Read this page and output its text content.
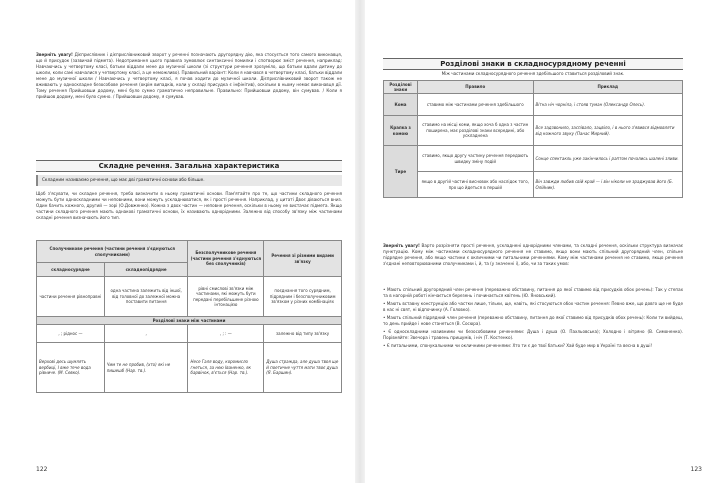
Зверніть увагу! Дієприслівник і дієприслівниковий зворот у реченні позначають другорядну дію, яка стосується того самого виконавця, що й присудок (зазвичай підмета). Недотримання цього правила зумовлює синтаксичні помилки і спотворює зміст речення, наприклад: Навчаючись у четвертому класі, батьки віддали мене до музичної школи (зі структури речення зрозуміло, що батьки вдали дитину до школи, коли самі навчалися у четвертому класі, а це неможливо). Правильний варіант: Коли я навчався в четвертому класі, батьки віддали мене до музичної школи / Навчаючись у четвертому класі, я почав ходити до музичної школи. Дієприслівниковий зворот також не вживають у односкладне безособове речення (окрім випадків, коли у складі присудка є інфінітив), оскільки в ньому немає виконавця дії. Тому речення Прийшовши додому, мені було сумно граматично неправильне. Правильно: Прийшовши додому, він сумував. / Коли я прийшов додому, мені було сумно. / Прийшовши додому, я сумував.
Складне речення. Загальна характеристика
Складним називаємо речення, що має дві граматичні основи або більше.
Щоб з'ясувати, чи складне речення, треба визначити в ньому граматичні основи. Пам'ятайте про те, що частини складного речення можуть бути односкладними чи неповними, вони можуть ускладнюватися, як і прості речення. Наприклад, у цитаті Двоє діваються вниз. Один бачить кожного, другий — зорі (О.Довженко). Кожна з двох частин — неповне речення, оскільки в ньому не вистачає підмета. Якщо частини складного речення мають однакові граматичні основи, їх називають однорідними. Залежно від способу зв'язку між частинами складні речення визначають його тип.
Сполучникове речення (частини речення з'єднуються сполучниками)		Безсполучникове речення (частини речення з'єднуються без сполучників)	Речення зі різними видами зв'язку
складносурядне	складнопідрядне		
частини речення рівноправні	одна частина залежить від іншої, від головної до залежної можна поставити питання	рівні смислові зв'язки між частинами, які можуть бути передані перебільшене різною інтонацією	поєднання того сурядним, підрядним і безсполучниковим зв'язком у різних комбінаціях
Розділові знаки між частинами			
, ; ріднос —	,	, ; : —	залежно від типу зв'язку
Верхові десь шумлять вербиці, І вже тече вода рівниче. (М. Севко).	Чим те не пробив, (хто) які не пишешб (Нар. тв.).	Несе Галя воду, коромисло гнеться, за нею Іваненко, як барвінок, в'ється (Нар. тв.).	Душа стражда, але душа твоя ще й поетичне чуття мати твоє душа (Я. Баршин).
122
Розділові знаки в складносурядному реченні
Між частинами складносурядного речення здебільшого ставиться розділовий знак.
Розділові знаки	Правило	Приклад
Кома	ставимо між частинами речення здебільшого	Вітна ніч чорніла, і стояв туман (Олександр Олесь).
Крапка з комою	ставимо на місці коми, якщо хоча б одна з частин поширена, має розділові знаки всередині, або ускладнена	Все задзвонило, заспівало, зацвіло, і в нього з'явився відмовляти від кожного звуку (Панас Мирний).
Тире	ставимо, якщо другу частину речення передають швидку зміну подій	Сонце спектакль уже закінчилось і раптом почались шалені зливи.
	якщо в другій частині висновок або наслідок того, про що йдеться в першій	Він завжди любив свій край — і він ніколи не зраджував його (Б. Олійник).
Зверніть увагу! Варто розрізняти прості речення, ускладнені однорідними членами, та складні речення, оскільки структура визначає пунктуацію. Кому між частинами складносурядного речення не ставимо, якщо вони мають спільний другорядний член, спільне підрядне речення, або якщо частини є окличними чи питальними реченнями. Кому між частинами речення не ставимо, якщо речення з'єднані неповторюваними сполучниками і, й, та (у значенні і), або, чи за таких умов:
• Мають спільний другорядний член речення (переважно обставину, питання до якої ставимо від присудків обох речень): Так у степах та в нагорній роботі кінчається березень і починається квітень (Ю. Яновський).
• Мають вставну конструкцію або частки лише, тільки, ще, навіть, які стосуються обох частин речення: Певно вже, що довго ще не буде в нас ні свят, ні відпочинку (А. Головко).
• Мають спільний підрядний член речення (переважно обставину, питання до якої ставимо від присудків обох речень): Коли ти вийдеш, то день прийде і нове станеться (В. Сосюра).
• Є односкладними називними чи безособовими реченнями: Душа і душа (О. Пахльовська); Холодно і вітряно (В. Симоненко). Порівняйте: Звечора і травень пришумів, і ніч (Т. Костенко).
• Є питальними, спонукальними чи окличними реченнями: Хто ти є де твої батьки? Хай буде мир в Україні та весна в душі!
123
